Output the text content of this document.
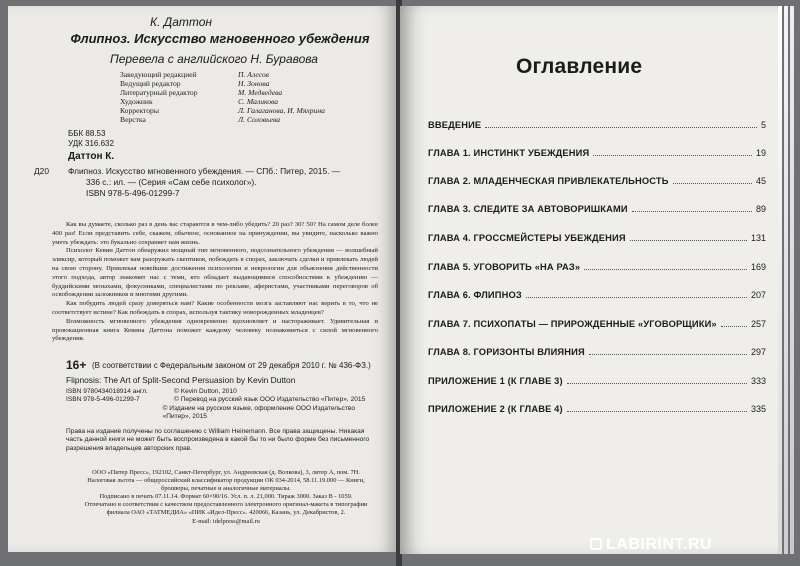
К. Даттон
Флипноз. Искусство мгновенного убеждения
Перевела с английского Н. Буравова
Заведующий редакцией	П. Алесов
Ведущий редактор	Н. Зонова
Литературный редактор	М. Медведева
Художник	С. Маликова
Корректоры	Л. Галаганова, И. Мяхрина
Верстка	Л. Соловьева
ББК 88.53
УДК 316.632
Даттон К.
Д20 Флипноз. Искусство мгновенного убеждения. — СПб.: Питер, 2015. —
336 с.: ил. — (Серия «Сам себе психолог»).
ISBN 978-5-496-01299-7

Как вы думаете, сколько раз в день вас стараются в чем-либо убедить? 20 раз? 30? 50? На самом деле более 400 раз! Если представить себе, скажем, обычное, основанное на принуждении, вы увидите, насколько важно уметь убеждать: это букально сохраняет нам жизнь.

Психолог Кевин Даттон обнаружил мощный тип мгновенного, подсознательного убеждения — волшебный эликсир, который поможет вам разоружать скептиков, побеждать в спорах, заключать сделки и привлекать людей на свою сторону. Привлекая новейшие достижения психологии и неврологии для объяснения действенности этого подхода, автор знакомит нас с теми, кто обладает выдающимися способностями к убеждению — буддийскими монахами, фокусниками, специалистами по рекламе, аферистами, участниками переговоров об освобождении заложников и многими другими.

Как побудить людей сразу доверяться нам? Какие особенности мозга заставляют нас верить в то, что не соответствует истине? Как побеждать в спорах, используя тактику новорожденных младенцев?

Возможность мгновенного убеждения одновременно вдохновляет и настораживает. Удивительная и провокационная книга Кевина Даттона поможет каждому человеку познакомиться с силой мгновенного убеждения.

16+ (В соответствии с Федеральным законом от 29 декабря 2010 г. № 436-ФЗ.)
Flipnosis: The Art of Split-Second Persuasion by Kevin Dutton
ISBN 9780434018914 англ.	© Kevin Dutton, 2010
ISBN 978-5-496-01299-7	© Перевод на русский язык ООО Издательство «Питер», 2015
© Издание на русском языке, оформление ООО Издательство «Питер», 2015
Права на издание получены по соглашению с William Heinemann. Все права защищены. Никакая часть данной книги не может быть воспроизведена в какой бы то ни было форме без письменного разрешения владельцев авторских прав.
ООО «Питер Пресс», 192102, Санкт-Петербург, ул. Андреевская (д. Волкова), 3, литер А, пом. 7Н.
Налоговая льгота — общероссийский классификатор продукции ОК 034-2014, 58.11.19.000 — Книги, брошюры, печатные и аналогичные материалы.
Подписано в печать 07.11.14. Формат 60×90/16. Усл. п. л. 21,000. Тираж 3000. Заказ В - 1059.
Отпечатано в соответствии с качеством предоставленного электронного оригинал-макета в типографии филиала ОАО «ТАТМЕДИА» «ПИК «Идел-Пресс». 420066, Казань, ул. Декабристов, 2.
E-mail: idelpress@mail.ru
Оглавление
ВВЕДЕНИЕ	5
ГЛАВА 1. ИНСТИНКТ УБЕЖДЕНИЯ	19
ГЛАВА 2. МЛАДЕНЧЕСКАЯ ПРИВЛЕКАТЕЛЬНОСТЬ	45
ГЛАВА 3. СЛЕДИТЕ ЗА АВТОВОРИШКАМИ	89
ГЛАВА 4. ГРОССМЕЙСТЕРЫ УБЕЖДЕНИЯ	131
ГЛАВА 5. УГОВОРИТЬ «НА РАЗ»	169
ГЛАВА 6. ФЛИПНОЗ	207
ГЛАВА 7. ПСИХОПАТЫ — ПРИРОЖДЕННЫЕ «УГОВОРЩИКИ»	257
ГЛАВА 8. ГОРИЗОНТЫ ВЛИЯНИЯ	297
ПРИЛОЖЕНИЕ 1 (К ГЛАВЕ 3)	333
ПРИЛОЖЕНИЕ 2 (К ГЛАВЕ 4)	335
LABIRINT.RU
